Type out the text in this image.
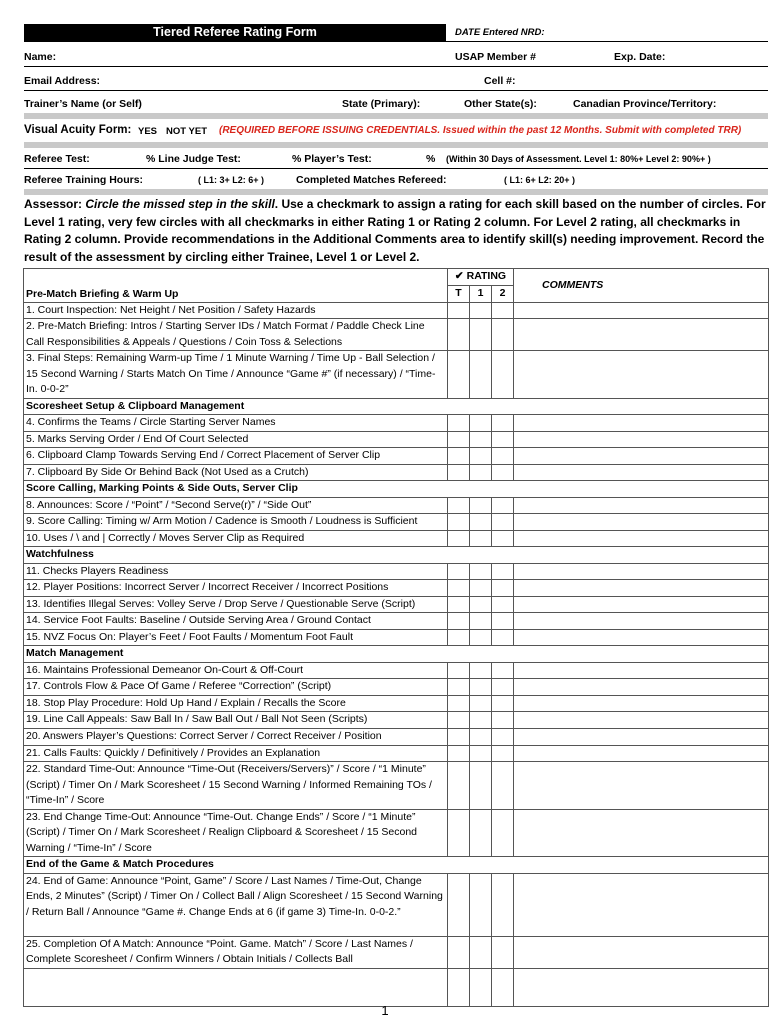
Tiered Referee Rating Form	DATE Entered NRD:
Name:	USAP Member #	Exp. Date:
Email Address:	Cell #:
Trainer’s Name (or Self)	State (Primary):	Other State(s):	Canadian Province/Territory:
Visual Acuity Form: YES NOT YET (REQUIRED BEFORE ISSUING CREDENTIALS. Issued within the past 12 Months. Submit with completed TRR)
Referee Test:	% Line Judge Test:	% Player’s Test:	% (Within 30 Days of Assessment. Level 1: 80%+ Level 2: 90%+ )
Referee Training Hours:	( L1: 3+ L2: 6+ )	Completed Matches Refereed:	( L1: 6+ L2: 20+ )
Assessor: Circle the missed step in the skill. Use a checkmark to assign a rating for each skill based on the number of circles. For Level 1 rating, very few circles with all checkmarks in either Rating 1 or Rating 2 column. For Level 2 rating, all checkmarks in Rating 2 column. Provide recommendations in the Additional Comments area to identify skill(s) needing improvement. Record the result of the assessment by circling either Trainee, Level 1 or Level 2.
Pre-Match Briefing & Warm Up	✔ RATING			COMMENTS
	T	1	2	
1. Court Inspection: Net Height / Net Position / Safety Hazards				
2. Pre-Match Briefing: Intros / Starting Server IDs / Match Format / Paddle Check Line Call Responsibilities & Appeals / Questions / Coin Toss & Selections				
3. Final Steps: Remaining Warm-up Time / 1 Minute Warning / Time Up - Ball Selection / 15 Second Warning / Starts Match On Time / Announce “Game #” (if necessary) / “Time-In. 0-0-2”				
Scoresheet Setup & Clipboard Management				
4. Confirms the Teams / Circle Starting Server Names				
5. Marks Serving Order / End Of Court Selected				
6. Clipboard Clamp Towards Serving End / Correct Placement of Server Clip				
7. Clipboard By Side Or Behind Back (Not Used as a Crutch)				
Score Calling, Marking Points & Side Outs, Server Clip				
8. Announces: Score / “Point” / “Second Serve(r)” / “Side Out”				
9. Score Calling: Timing w/ Arm Motion / Cadence is Smooth / Loudness is Sufficient				
10. Uses / \ and | Correctly / Moves Server Clip as Required				
Watchfulness				
11. Checks Players Readiness				
12. Player Positions: Incorrect Server / Incorrect Receiver / Incorrect Positions				
13. Identifies Illegal Serves: Volley Serve / Drop Serve / Questionable Serve (Script)				
14. Service Foot Faults: Baseline / Outside Serving Area / Ground Contact				
15. NVZ Focus On: Player’s Feet / Foot Faults / Momentum Foot Fault				
Match Management				
16. Maintains Professional Demeanor On-Court & Off-Court				
17. Controls Flow & Pace Of Game / Referee “Correction” (Script)				
18. Stop Play Procedure: Hold Up Hand / Explain / Recalls the Score				
19. Line Call Appeals: Saw Ball In / Saw Ball Out / Ball Not Seen (Scripts)				
20. Answers Player’s Questions: Correct Server / Correct Receiver / Position				
21. Calls Faults: Quickly / Definitively / Provides an Explanation				
22. Standard Time-Out: Announce “Time-Out (Receivers/Servers)” / Score / “1 Minute” (Script) / Timer On / Mark Scoresheet / 15 Second Warning / Informed Remaining TOs / “Time-In” / Score				
23. End Change Time-Out: Announce “Time-Out. Change Ends” / Score / “1 Minute” (Script) / Timer On / Mark Scoresheet / Realign Clipboard & Scoresheet / 15 Second Warning / “Time-In” / Score				
End of the Game & Match Procedures				
24. End of Game: Announce “Point, Game” / Score / Last Names / Time-Out, Change Ends, 2 Minutes” (Script) / Timer On / Collect Ball / Align Scoresheet / 15 Second Warning / Return Ball / Announce “Game #. Change Ends at 6 (if game 3) Time-In. 0-0-2.”				
25. Completion Of A Match: Announce “Point. Game. Match” / Score / Last Names / Complete Scoresheet / Confirm Winners / Obtain Initials / Collects Ball				

1
